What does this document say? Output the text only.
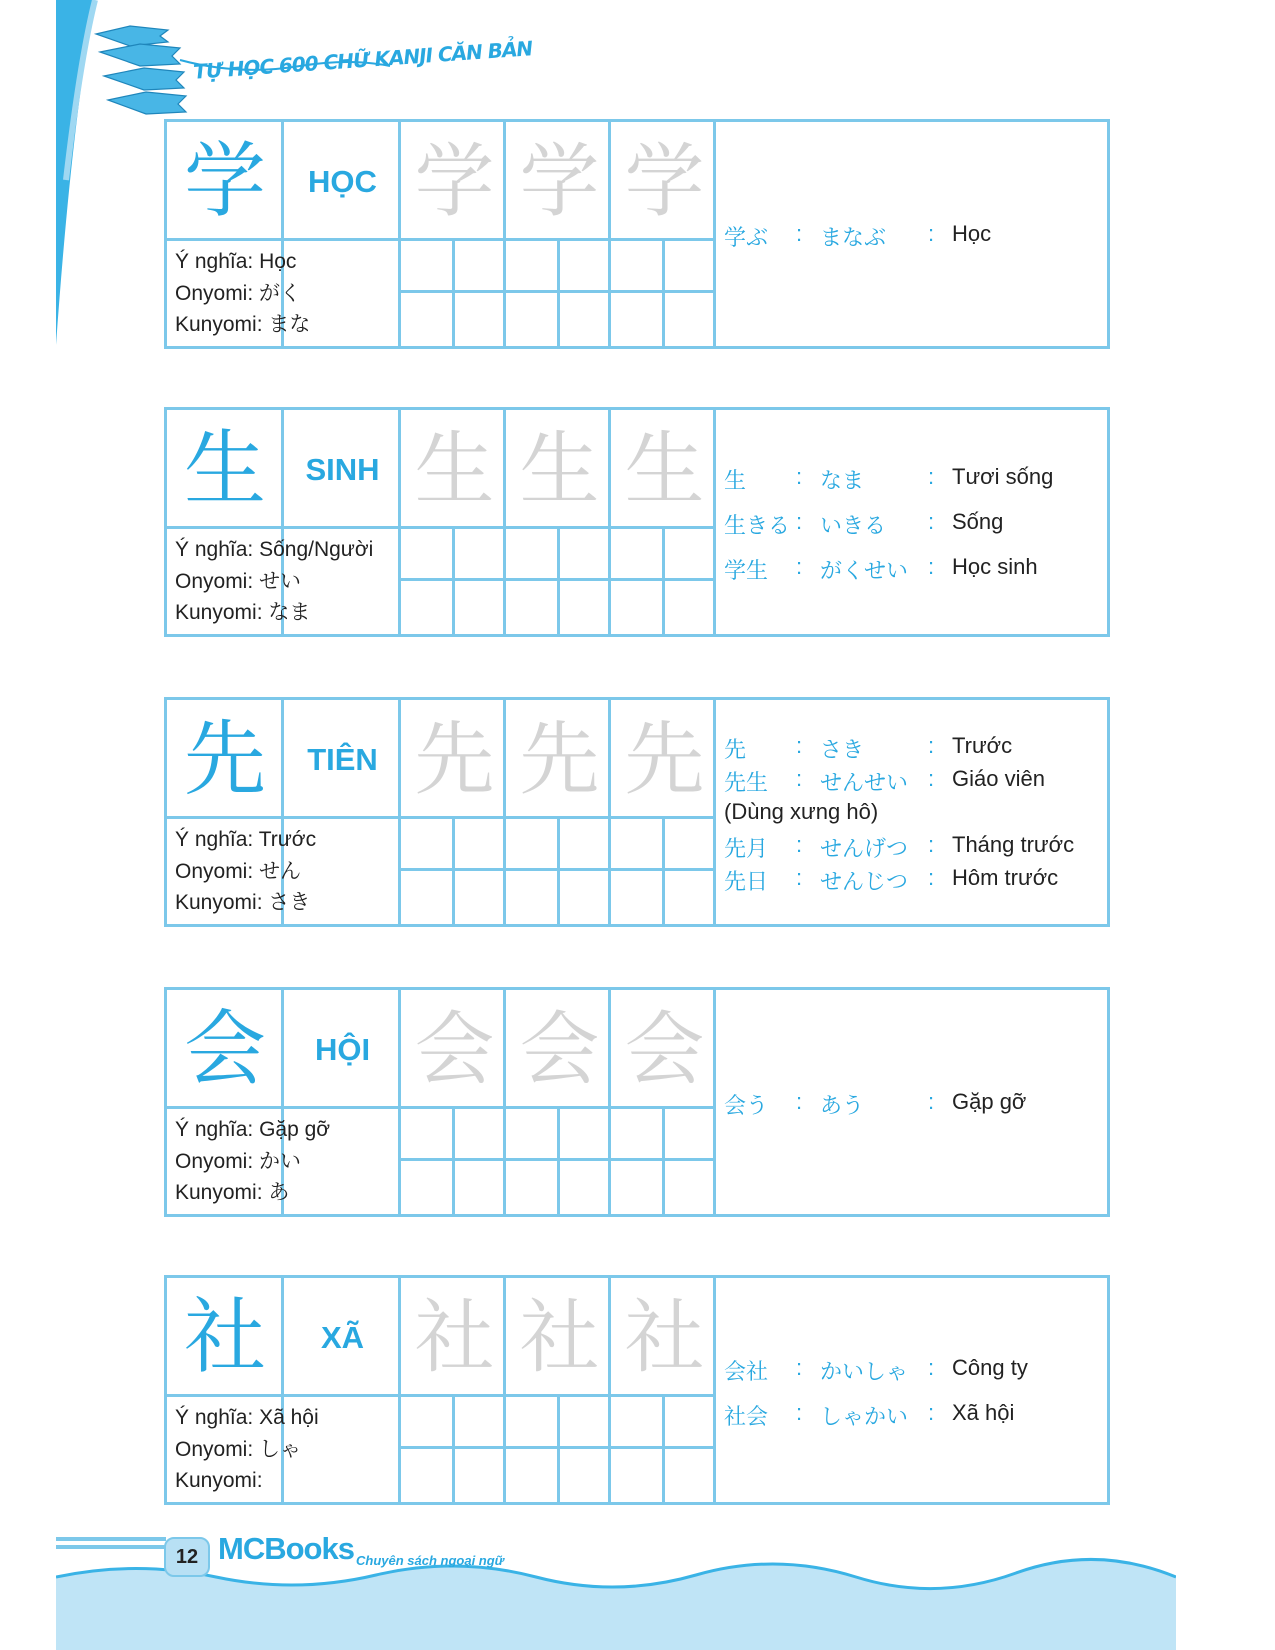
TỰ HỌC 600 CHỮ KANJI CĂN BẢN
学	HỌC 学 学 学
Ý nghĩa: Học
Onyomi: がく
Kunyomi: まな
学ぶ : まなぶ : Học
生	SINH 生 生 生
Ý nghĩa: Sống/Người
Onyomi: せい
Kunyomi: なま
生 : なま	: Tươi sống
生きる : いきる : Sống
学生 : がくせい : Học sinh
先	TIÊN 先 先 先
Ý nghĩa: Trước
Onyomi: せん
Kunyomi: さき
先 : さき	: Trước
先生 : せんせい : Giáo viên
(Dùng xưng hô)
先月 : せんげつ : Tháng trước
先日 : せんじつ : Hôm trước
会	HỘI 会 会 会
Ý nghĩa: Gặp gỡ
Onyomi: かい
Kunyomi: あ
会う : あう	: Gặp gỡ
社	XÃ 社 社 社
Ý nghĩa: Xã hội
Onyomi: しゃ
Kunyomi:
会社 : かいしゃ : Công ty
社会 : しゃかい : Xã hội
12 MCBooks Chuyên sách ngoại ngữ
